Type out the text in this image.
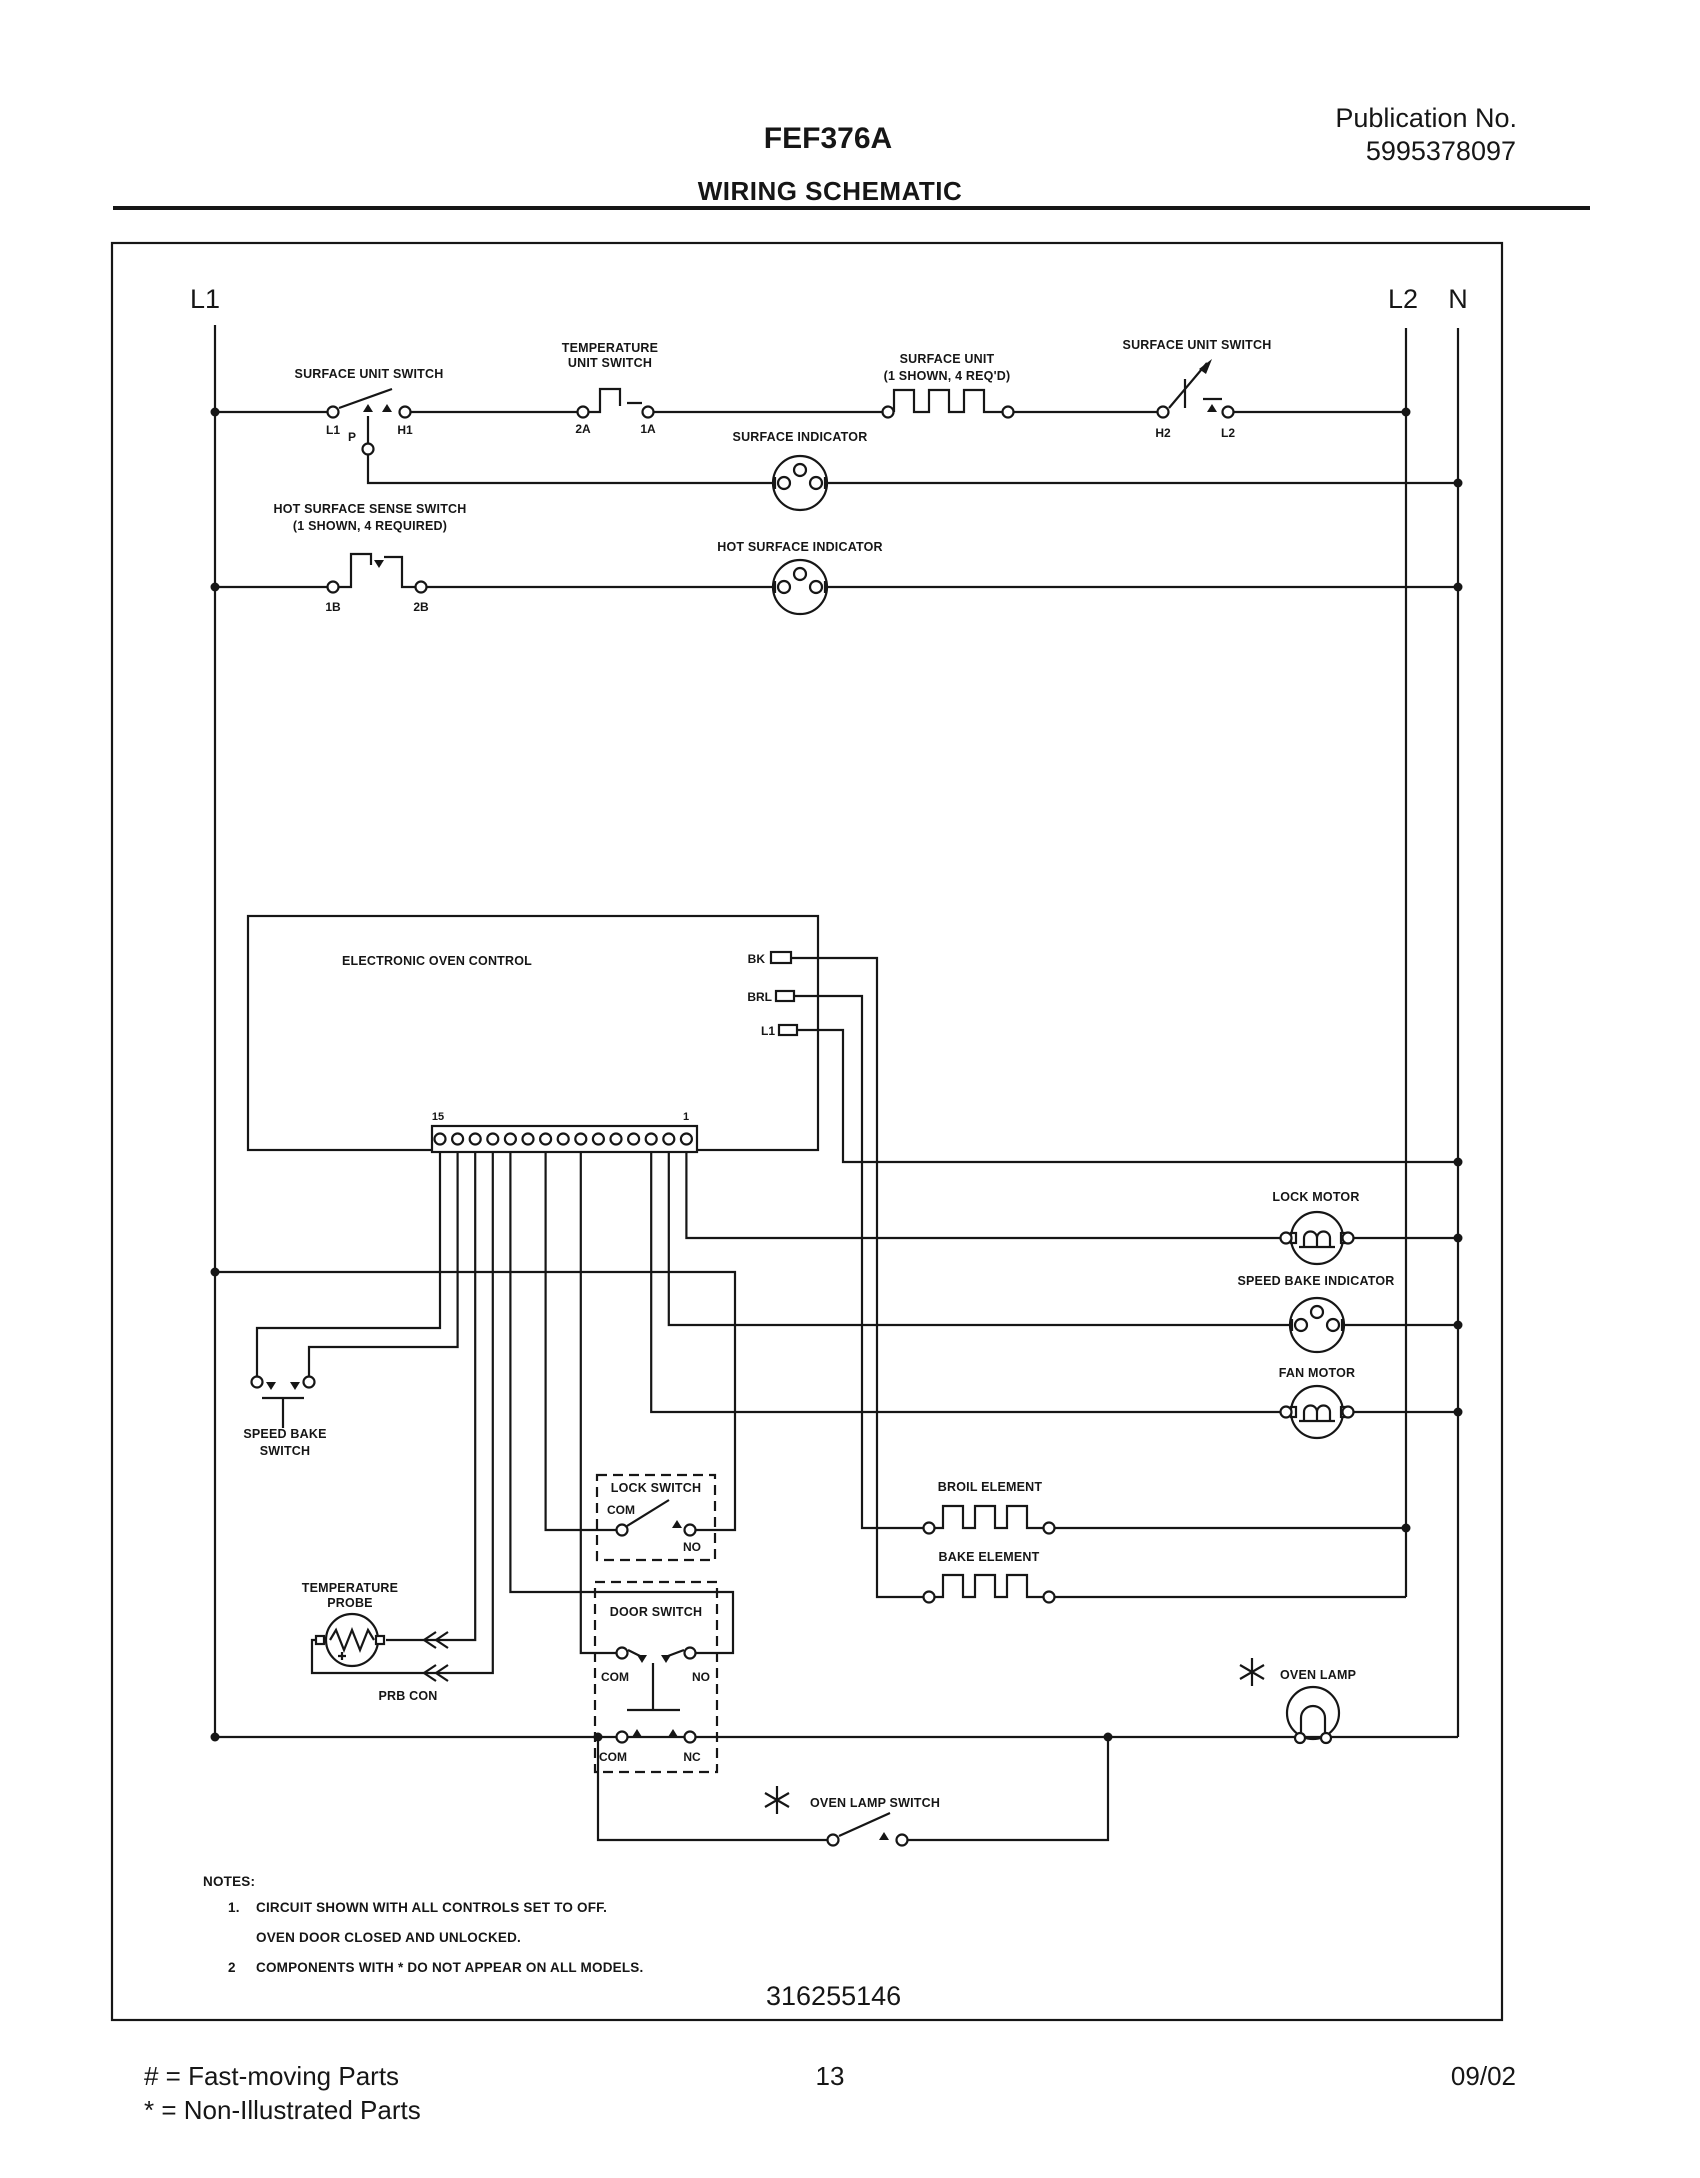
FEF376A
Publication No.
5995378097
WIRING SCHEMATIC
L1	L2 N
SURFACE UNIT SWITCH
TEMPERATURE
UNIT SWITCH	SURFACE UNIT
(1 SHOWN, 4 REQ'D)
SURFACE UNIT SWITCH
SURFACE INDICATOR
HOT SURFACE SENSE SWITCH
(1 SHOWN, 4 REQUIRED)
HOT SURFACE INDICATOR
ELECTRONIC OVEN CONTROL
LOCK MOTOR
SPEED BAKE INDICATOR
FAN MOTOR
SPEED BAKE
SWITCH
LOCK SWITCH
DOOR SWITCH
TEMPERATURE
PROBE
PRB CON
BROIL ELEMENT
BAKE ELEMENT
OVEN LAMP
OVEN LAMP SWITCH
L1 P	H1	2A	1A	H2	L2
1B	2B
BK
BRL
L1
15	1
COM
NO
COM	NO
COM	NC
NOTES:
1. CIRCUIT SHOWN WITH ALL CONTROLS SET TO OFF.
OVEN DOOR CLOSED AND UNLOCKED.
2 COMPONENTS WITH * DO NOT APPEAR ON ALL MODELS.
316255146
# = Fast-moving Parts	13	09/02
* = Non-Illustrated Parts
